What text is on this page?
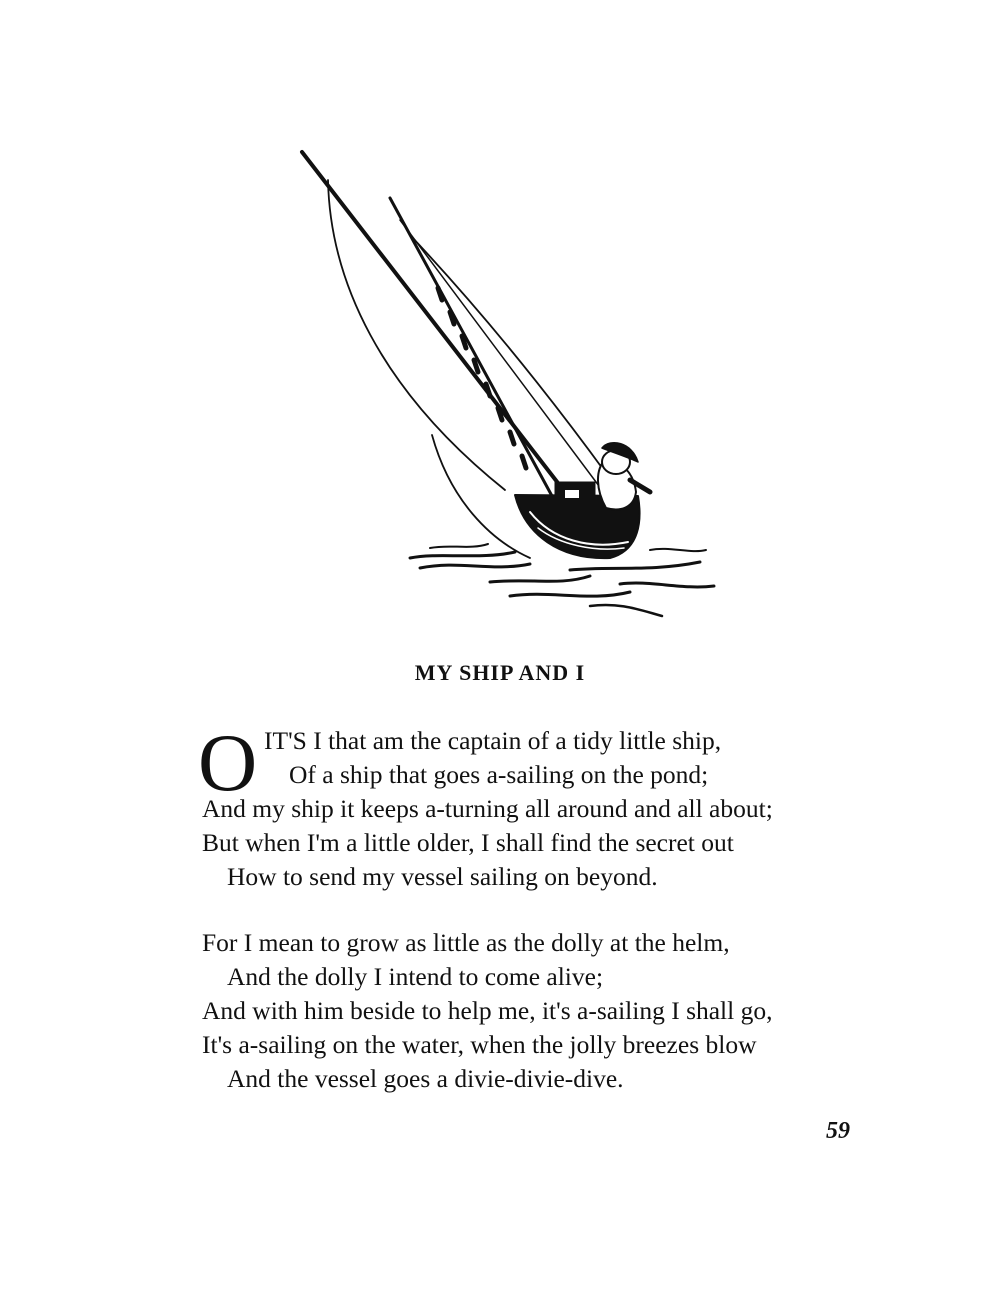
MY SHIP AND I
O IT'S I that am the captain of a tidy little ship,
Of a ship that goes a-sailing on the pond;
And my ship it keeps a-turning all around and all about;
But when I'm a little older, I shall find the secret out
How to send my vessel sailing on beyond.
For I mean to grow as little as the dolly at the helm,
And the dolly I intend to come alive;
And with him beside to help me, it's a-sailing I shall go,
It's a-sailing on the water, when the jolly breezes blow
And the vessel goes a divie-divie-dive.

59
